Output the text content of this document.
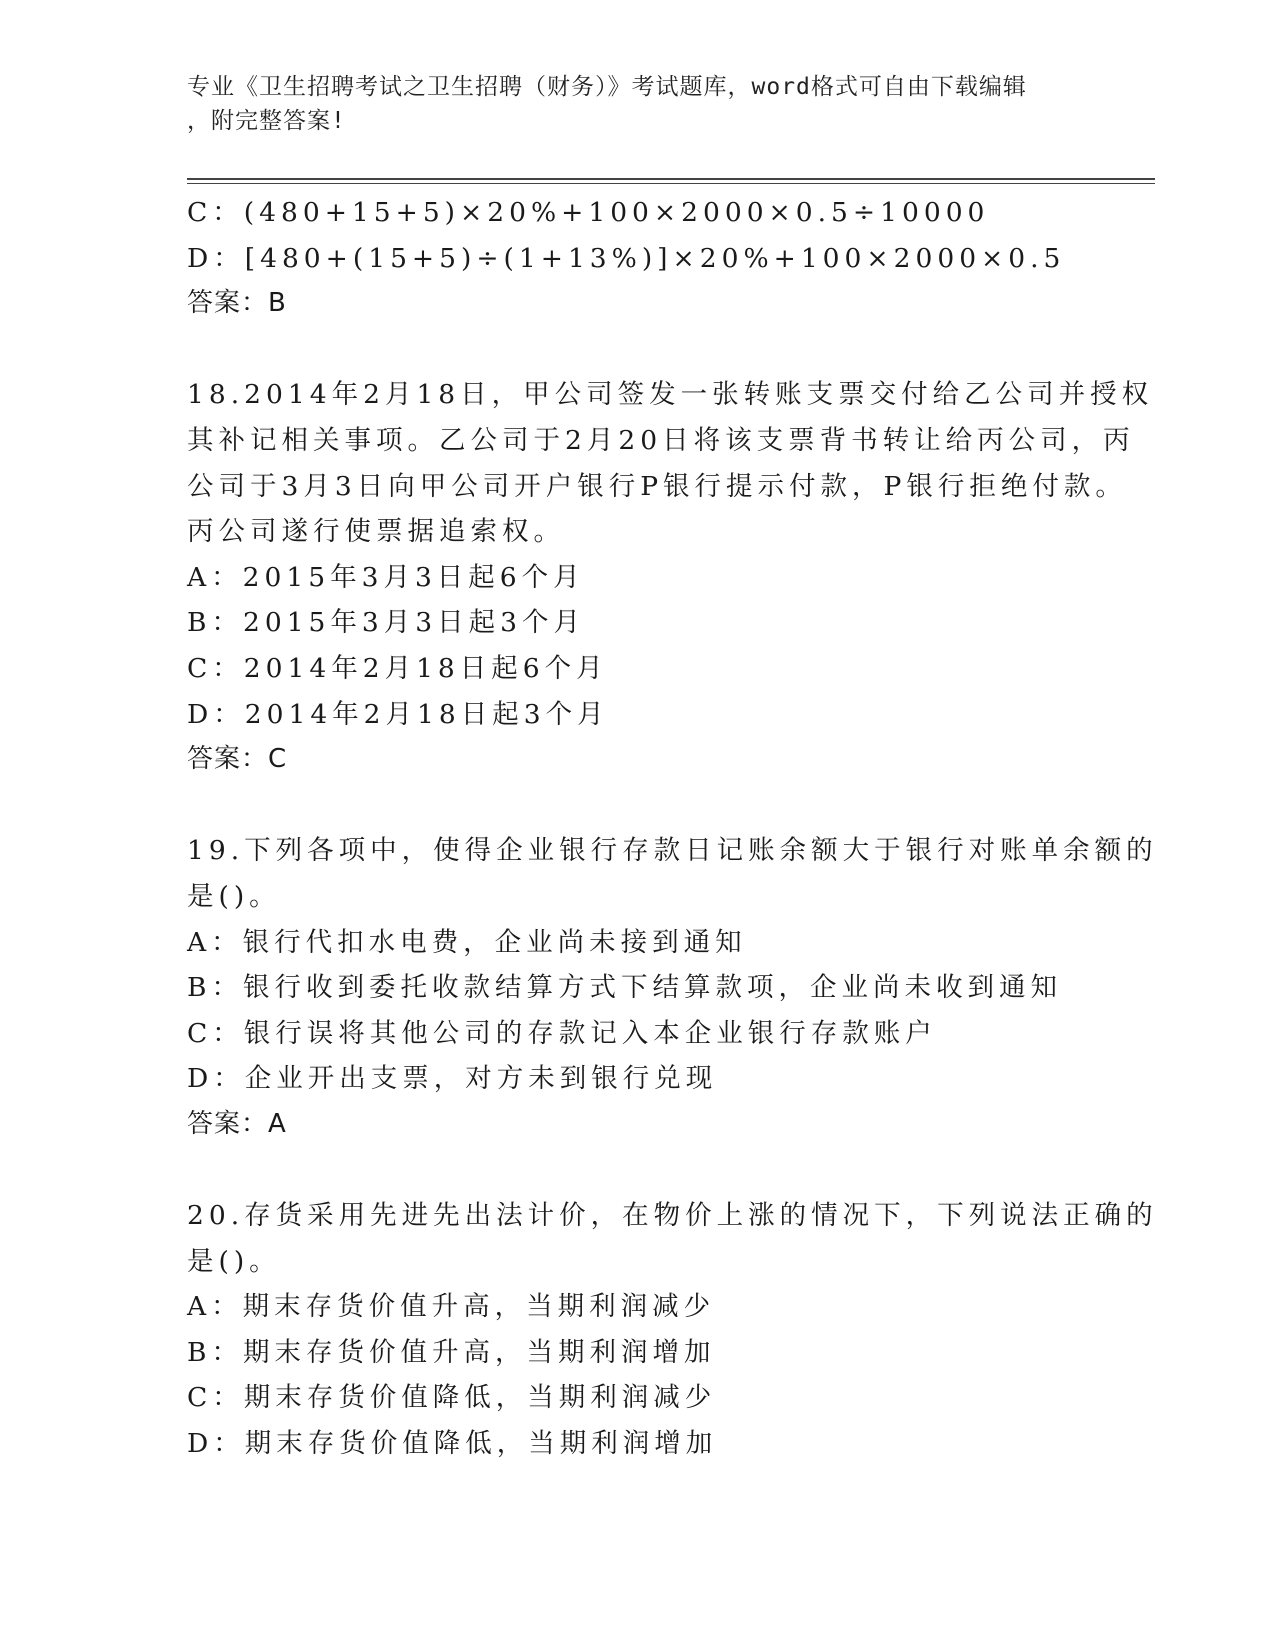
专业《卫生招聘考试之卫生招聘（财务）》考试题库，word格式可自由下载编辑
，附完整答案!
C：(480+15+5)×20%+100×2000×0.5÷10000
D：[480+(15+5)÷(1+13%)]×20%+100×2000×0.5
答案：B
18.2014年2月18日，甲公司签发一张转账支票交付给乙公司并授权
其补记相关事项。乙公司于2月20日将该支票背书转让给丙公司，丙
公司于3月3日向甲公司开户银行P银行提示付款，P银行拒绝付款。
丙公司遂行使票据追索权。
A：2015年3月3日起6个月
B：2015年3月3日起3个月
C：2014年2月18日起6个月
D：2014年2月18日起3个月
答案：C
19.下列各项中，使得企业银行存款日记账余额大于银行对账单余额的
是()。
A：银行代扣水电费，企业尚未接到通知
B：银行收到委托收款结算方式下结算款项，企业尚未收到通知
C：银行误将其他公司的存款记入本企业银行存款账户
D：企业开出支票，对方未到银行兑现
答案：A
20.存货采用先进先出法计价，在物价上涨的情况下，下列说法正确的
是()。
A：期末存货价值升高，当期利润减少
B：期末存货价值升高，当期利润增加
C：期末存货价值降低，当期利润减少
D：期末存货价值降低，当期利润增加
